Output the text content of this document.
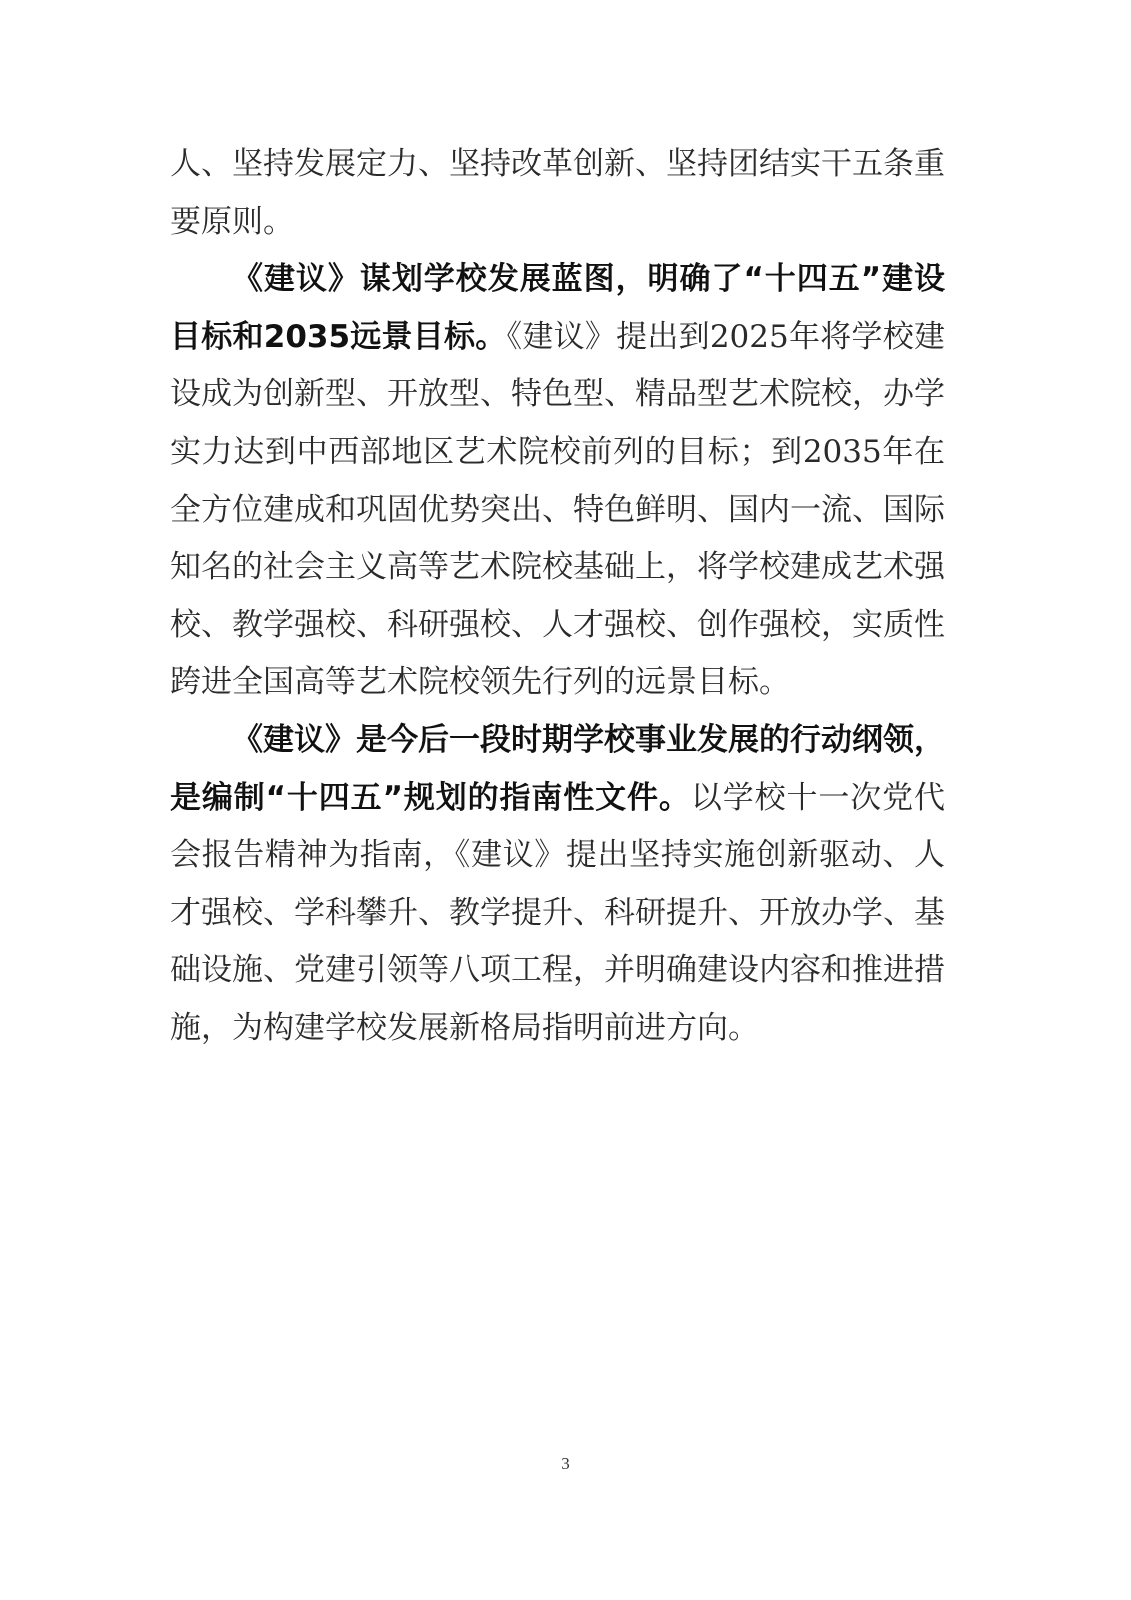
人、坚持发展定力、坚持改革创新、坚持团结实干五条重要原则。

《建议》谋划学校发展蓝图，明确了“十四五”建设目标和2035远景目标。《建议》提出到2025年将学校建设成为创新型、开放型、特色型、精品型艺术院校，办学实力达到中西部地区艺术院校前列的目标；到2035年在全方位建成和巩固优势突出、特色鲜明、国内一流、国际知名的社会主义高等艺术院校基础上，将学校建成艺术强校、教学强校、科研强校、人才强校、创作强校，实质性跨进全国高等艺术院校领先行列的远景目标。

《建议》是今后一段时期学校事业发展的行动纲领，是编制“十四五”规划的指南性文件。以学校十一次党代会报告精神为指南，《建议》提出坚持实施创新驱动、人才强校、学科攀升、教学提升、科研提升、开放办学、基础设施、党建引领等八项工程，并明确建设内容和推进措施，为构建学校发展新格局指明前进方向。

3
